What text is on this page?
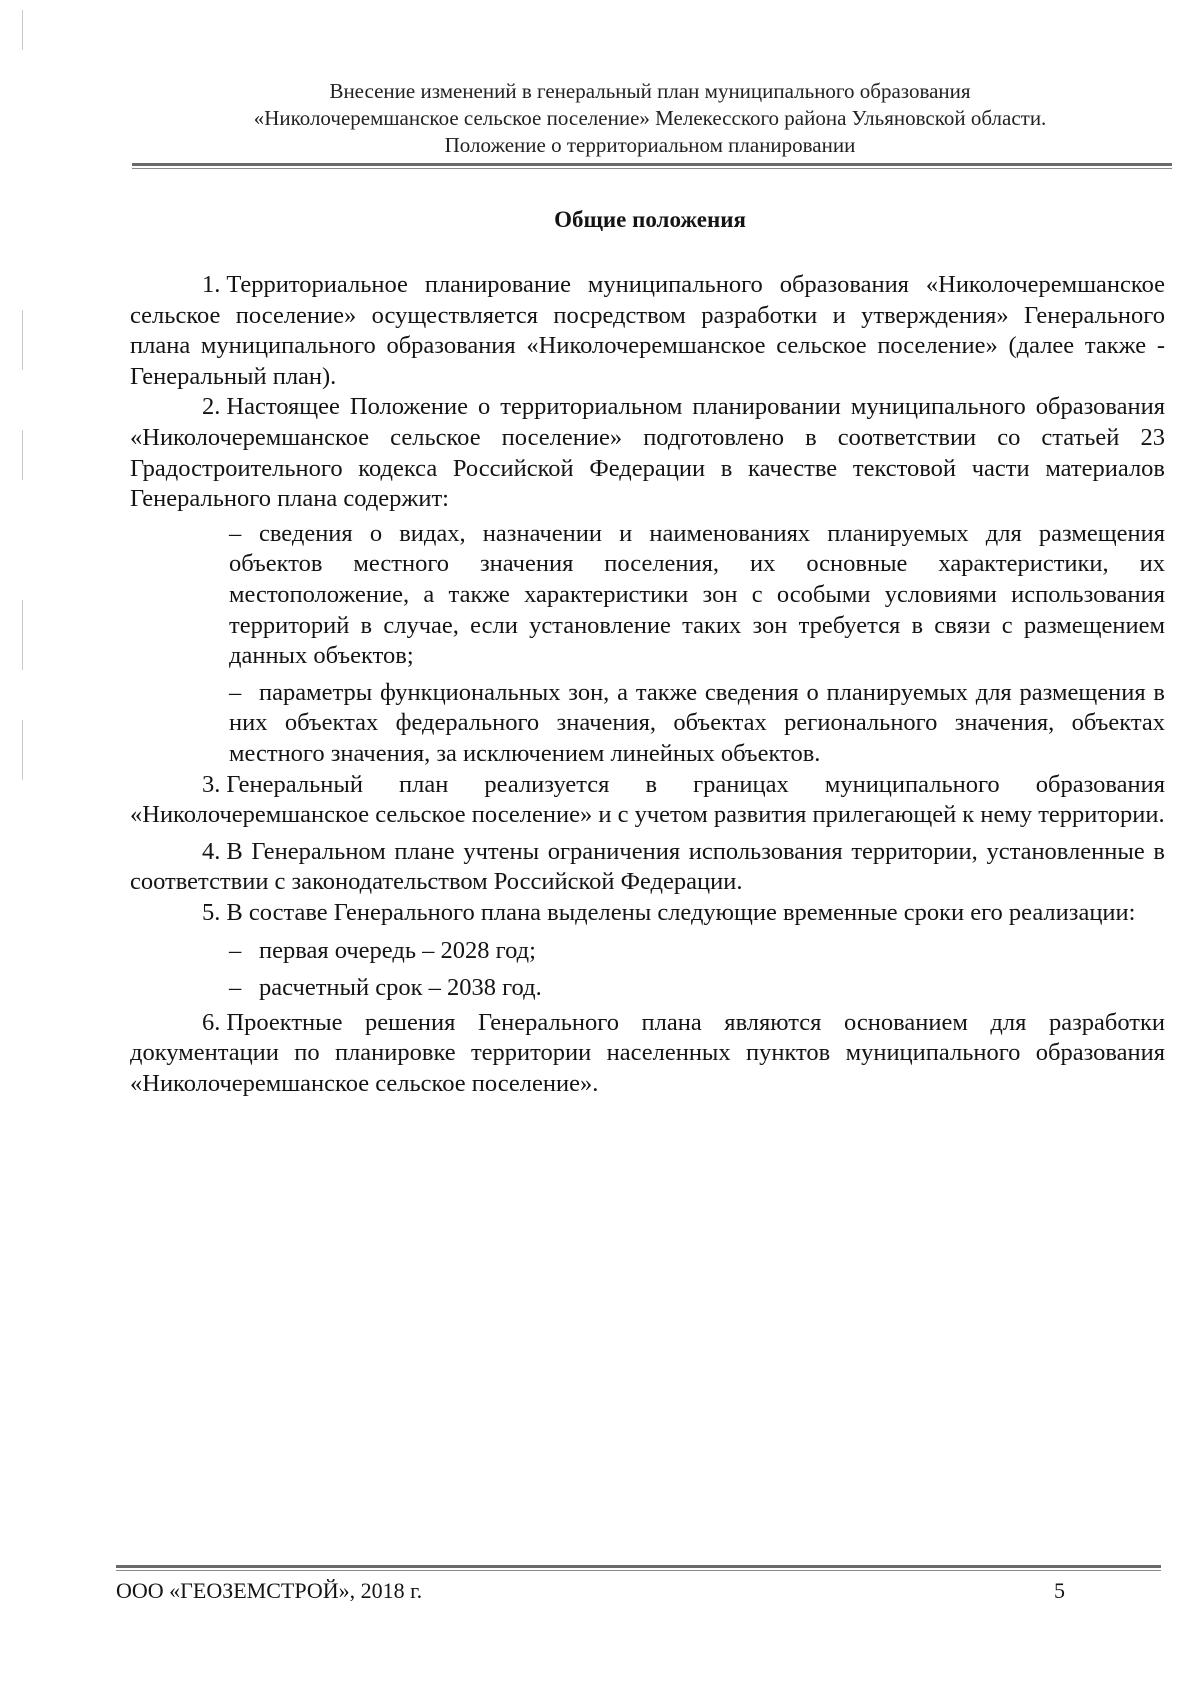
Внесение изменений в генеральный план муниципального образования
«Николочеремшанское сельское поселение» Мелекесского района Ульяновской области.
Положение о территориальном планировании
Общие положения

1. Территориальное планирование муниципального образования «Николочеремшанское сельское поселение» осуществляется посредством разработки и утверждения» Генерального плана муниципального образования «Николочеремшанское сельское поселение» (далее также - Генеральный план).

2. Настоящее Положение о территориальном планировании муниципального образования «Николочеремшанское сельское поселение» подготовлено в соответствии со статьей 23 Градостроительного кодекса Российской Федерации в качестве текстовой части материалов Генерального плана содержит:

– сведения о видах, назначении и наименованиях планируемых для размещения объектов местного значения поселения, их основные характеристики, их местоположение, а также характеристики зон с особыми условиями использования территорий в случае, если установление таких зон требуется в связи с размещением данных объектов;

– параметры функциональных зон, а также сведения о планируемых для размещения в них объектах федерального значения, объектах регионального значения, объектах местного значения, за исключением линейных объектов.

3. Генеральный план реализуется в границах муниципального образования «Николочеремшанское сельское поселение» и с учетом развития прилегающей к нему территории.

4. В Генеральном плане учтены ограничения использования территории, установленные в соответствии с законодательством Российской Федерации.

5. В составе Генерального плана выделены следующие временные сроки его реализации:

– первая очередь – 2028 год;

– расчетный срок – 2038 год.

6. Проектные решения Генерального плана являются основанием для разработки документации по планировке территории населенных пунктов муниципального образования «Николочеремшанское сельское поселение».

ООО «ГЕОЗЕМСТРОЙ», 2018 г.	5
